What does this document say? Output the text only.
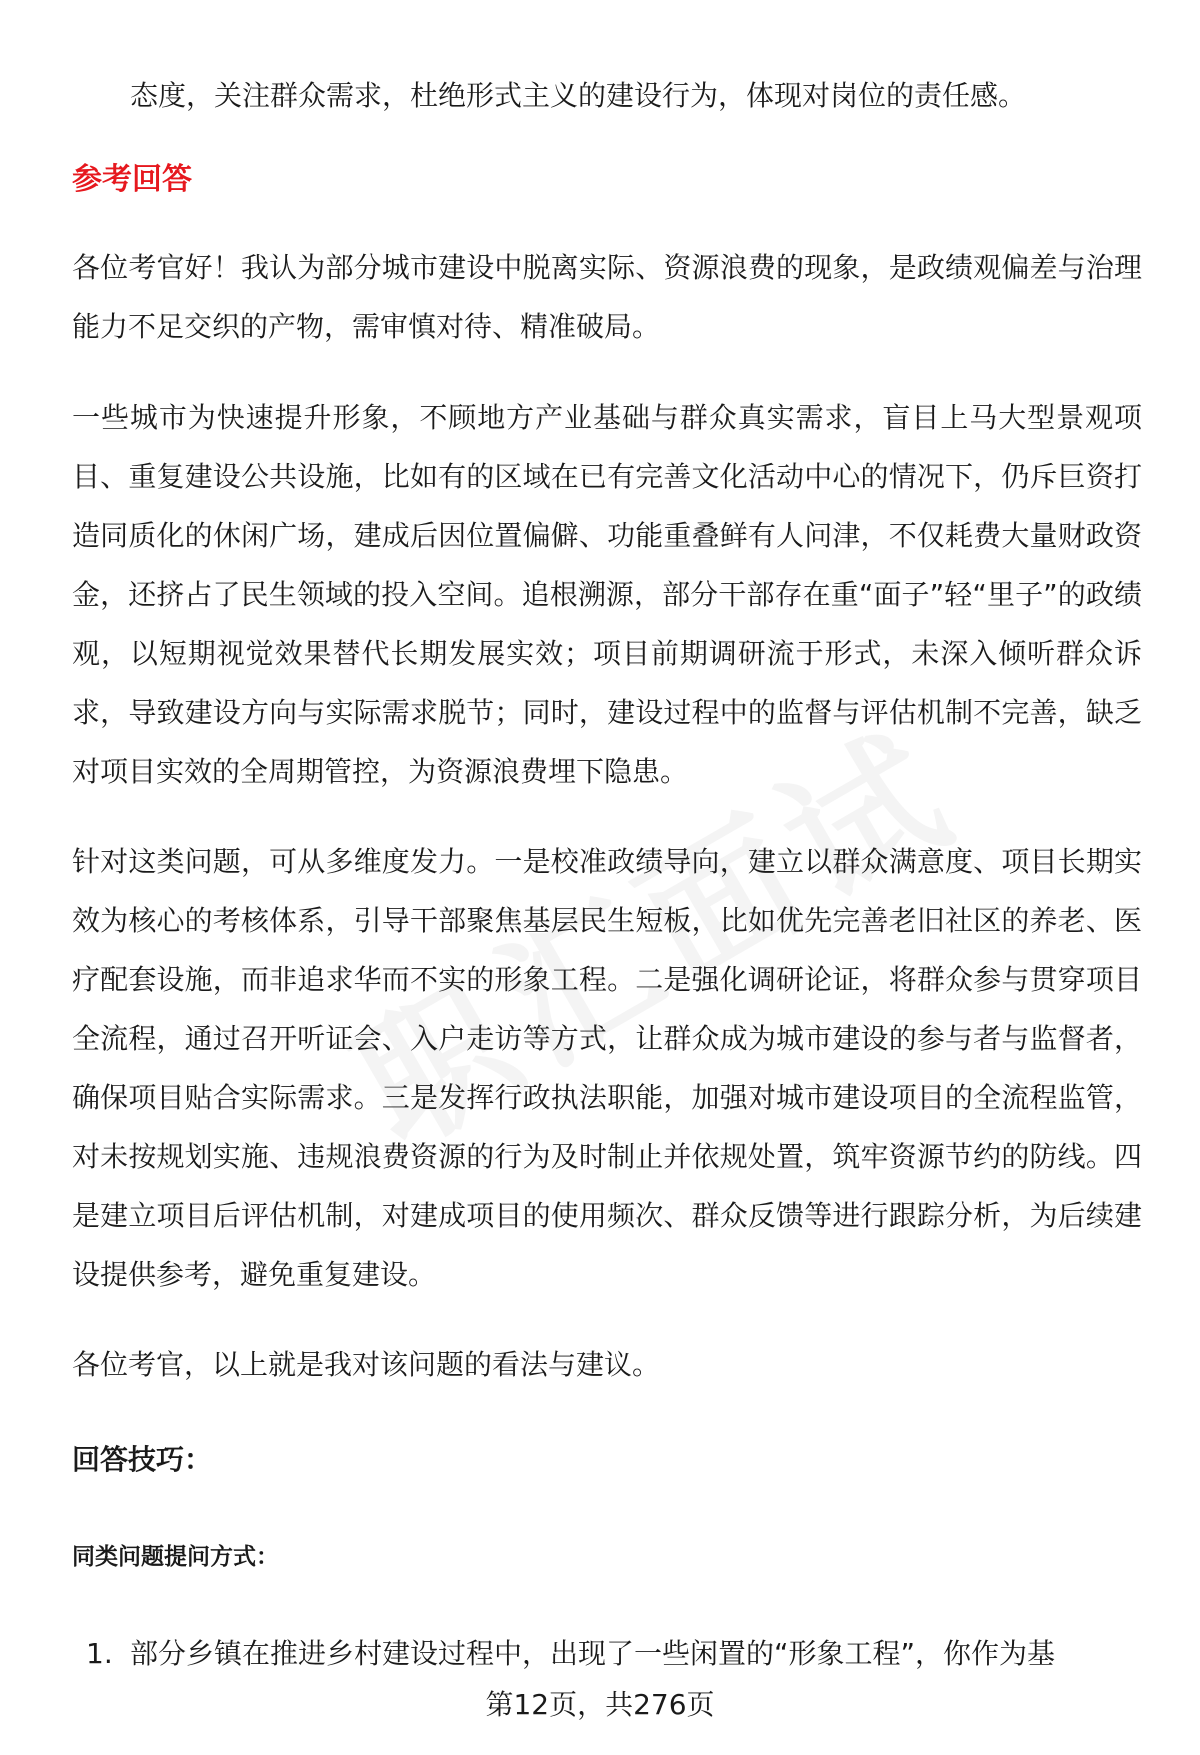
态度，关注群众需求，杜绝形式主义的建设行为，体现对岗位的责任感。

参考回答

各位考官好！我认为部分城市建设中脱离实际、资源浪费的现象，是政绩观偏差与治理能力不足交织的产物，需审慎对待、精准破局。

一些城市为快速提升形象，不顾地方产业基础与群众真实需求，盲目上马大型景观项目、重复建设公共设施，比如有的区域在已有完善文化活动中心的情况下，仍斥巨资打造同质化的休闲广场，建成后因位置偏僻、功能重叠鲜有人问津，不仅耗费大量财政资金，还挤占了民生领域的投入空间。追根溯源，部分干部存在重“面子”轻“里子”的政绩观，以短期视觉效果替代长期发展实效；项目前期调研流于形式，未深入倾听群众诉求，导致建设方向与实际需求脱节；同时，建设过程中的监督与评估机制不完善，缺乏对项目实效的全周期管控，为资源浪费埋下隐患。

针对这类问题，可从多维度发力。一是校准政绩导向，建立以群众满意度、项目长期实效为核心的考核体系，引导干部聚焦基层民生短板，比如优先完善老旧社区的养老、医疗配套设施，而非追求华而不实的形象工程。二是强化调研论证，将群众参与贯穿项目全流程，通过召开听证会、入户走访等方式，让群众成为城市建设的参与者与监督者，确保项目贴合实际需求。三是发挥行政执法职能，加强对城市建设项目的全流程监管，对未按规划实施、违规浪费资源的行为及时制止并依规处置，筑牢资源节约的防线。四是建立项目后评估机制，对建成项目的使用频次、群众反馈等进行跟踪分析，为后续建设提供参考，避免重复建设。

各位考官，以上就是我对该问题的看法与建议。

回答技巧：
同类问题提问方式：

1. 部分乡镇在推进乡村建设过程中，出现了一些闲置的“形象工程”，你作为基

第12页，共276页
